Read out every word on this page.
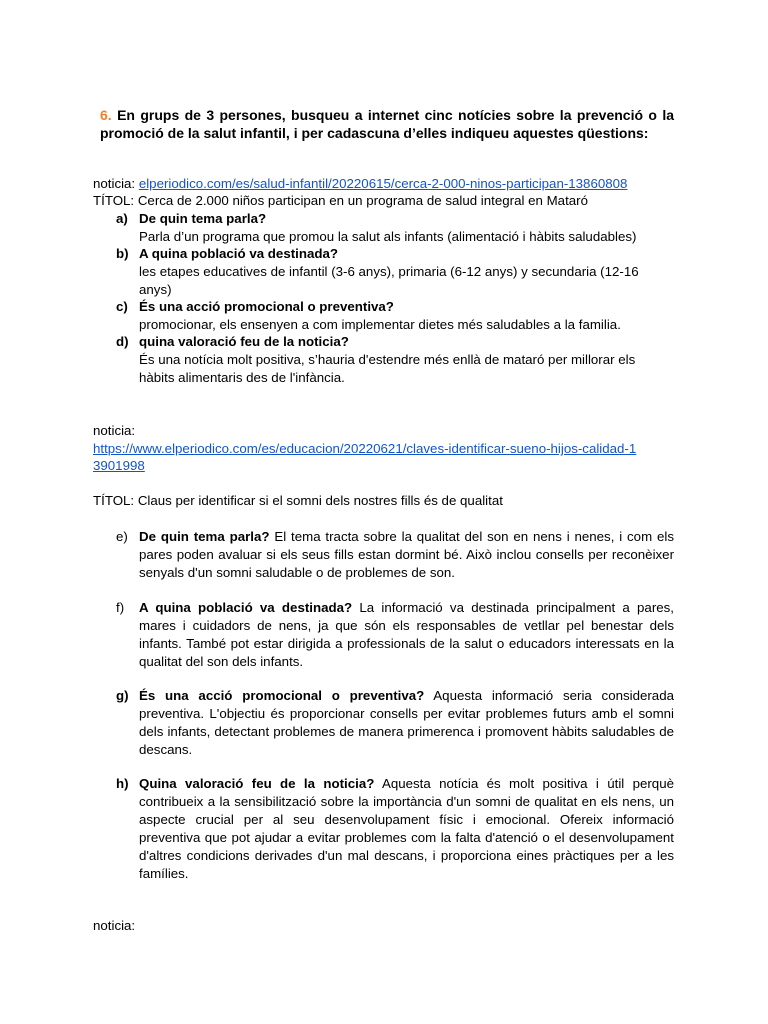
6. En grups de 3 persones, busqueu a internet cinc notícies sobre la prevenció o la promoció de la salut infantil, i per cadascuna d’elles indiqueu aquestes qüestions:
noticia: elperiodico.com/es/salud-infantil/20220615/cerca-2-000-ninos-participan-13860808
TÍTOL: Cerca de 2.000 niños participan en un programa de salud integral en Mataró
a) De quin tema parla?
Parla d’un programa que promou la salut als infants (alimentació i hàbits saludables)
b) A quina població va destinada?
les etapes educatives de infantil (3-6 anys), primaria (6-12 anys) y secundaria (12-16 anys)
c) És una acció promocional o preventiva?
promocionar, els ensenyen a com implementar dietes més saludables a la familia.
d) quina valoració feu de la noticia?
És una notícia molt positiva, s’hauria d'estendre més enllà de mataró per millorar els hàbits alimentaris des de l'infància.
noticia:
https://www.elperiodico.com/es/educacion/20220621/claves-identificar-sueno-hijos-calidad-1
3901998
TÍTOL: Claus per identificar si el somni dels nostres fills és de qualitat
e) De quin tema parla? El tema tracta sobre la qualitat del son en nens i nenes, i com els pares poden avaluar si els seus fills estan dormint bé. Això inclou consells per reconèixer senyals d'un somni saludable o de problemes de son.
f)	A quina població va destinada? La informació va destinada principalment a pares, mares i cuidadors de nens, ja que són els responsables de vetllar pel benestar dels infants. També pot estar dirigida a professionals de la salut o educadors interessats en la qualitat del son dels infants.
g) És una acció promocional o preventiva? Aquesta informació seria considerada preventiva. L'objectiu és proporcionar consells per evitar problemes futurs amb el somni dels infants, detectant problemes de manera primerenca i promovent hàbits saludables de descans.
h) Quina valoració feu de la noticia? Aquesta notícia és molt positiva i útil perquè contribueix a la sensibilització sobre la importància d'un somni de qualitat en els nens, un aspecte crucial per al seu desenvolupament físic i emocional. Ofereix informació preventiva que pot ajudar a evitar problemes com la falta d'atenció o el desenvolupament d'altres condicions derivades d'un mal descans, i proporciona eines pràctiques per a les famílies.
noticia:
